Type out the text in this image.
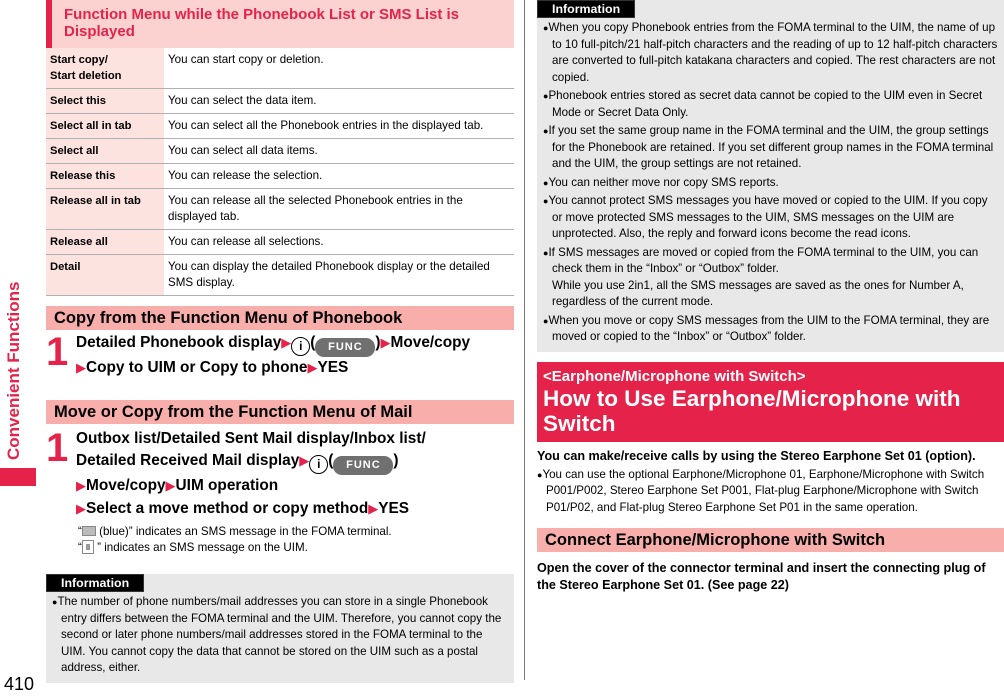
Convenient Functions
410
Function Menu while the Phonebook List or SMS List is Displayed
Start copy/
Start deletion	You can start copy or deletion.
Select this	You can select the data item.
Select all in tab	You can select all the Phonebook entries in the displayed tab.
Select all	You can select all data items.
Release this	You can release the selection.
Release all in tab	You can release all the selected Phonebook entries in the displayed tab.
Release all	You can release all selections.
Detail	You can display the detailed Phonebook display or the detailed SMS display.
Copy from the Function Menu of Phonebook
1 Detailed Phonebook display▶ i ( FUNC )▶Move/copy
▶Copy to UIM or Copy to phone▶YES
Move or Copy from the Function Menu of Mail
1 Outbox list/Detailed Sent Mail display/Inbox list/
Detailed Received Mail display▶ i ( FUNC )
▶Move/copy▶UIM operation
▶Select a move method or copy method▶YES
“ (blue)” indicates an SMS message in the FOMA terminal.
“ ” indicates an SMS message on the UIM.
Information
●The number of phone numbers/mail addresses you can store in a single Phonebook entry differs between the FOMA terminal and the UIM. Therefore, you cannot copy the second or later phone numbers/mail addresses stored in the FOMA terminal to the UIM. You cannot copy the data that cannot be stored on the UIM such as a postal address, either.
Information
●When you copy Phonebook entries from the FOMA terminal to the UIM, the name of up to 10 full-pitch/21 half-pitch characters and the reading of up to 12 half-pitch characters are converted to full-pitch katakana characters and copied. The rest characters are not copied.
●Phonebook entries stored as secret data cannot be copied to the UIM even in Secret Mode or Secret Data Only.
●If you set the same group name in the FOMA terminal and the UIM, the group settings for the Phonebook are retained. If you set different group names in the FOMA terminal and the UIM, the group settings are not retained.
●You can neither move nor copy SMS reports.
●You cannot protect SMS messages you have moved or copied to the UIM. If you copy or move protected SMS messages to the UIM, SMS messages on the UIM are unprotected. Also, the reply and forward icons become the read icons.
●If SMS messages are moved or copied from the FOMA terminal to the UIM, you can check them in the “Inbox” or “Outbox” folder.
While you use 2in1, all the SMS messages are saved as the ones for Number A, regardless of the current mode.
●When you move or copy SMS messages from the UIM to the FOMA terminal, they are moved or copied to the “Inbox” or “Outbox” folder.
<Earphone/Microphone with Switch>
How to Use Earphone/Microphone with Switch
You can make/receive calls by using the Stereo Earphone Set 01 (option).
●You can use the optional Earphone/Microphone 01, Earphone/Microphone with Switch P001/P002, Stereo Earphone Set P001, Flat-plug Earphone/Microphone with Switch P01/P02, and Flat-plug Stereo Earphone Set P01 in the same operation.
Connect Earphone/Microphone with Switch
Open the cover of the connector terminal and insert the connecting plug of the Stereo Earphone Set 01. (See page 22)
